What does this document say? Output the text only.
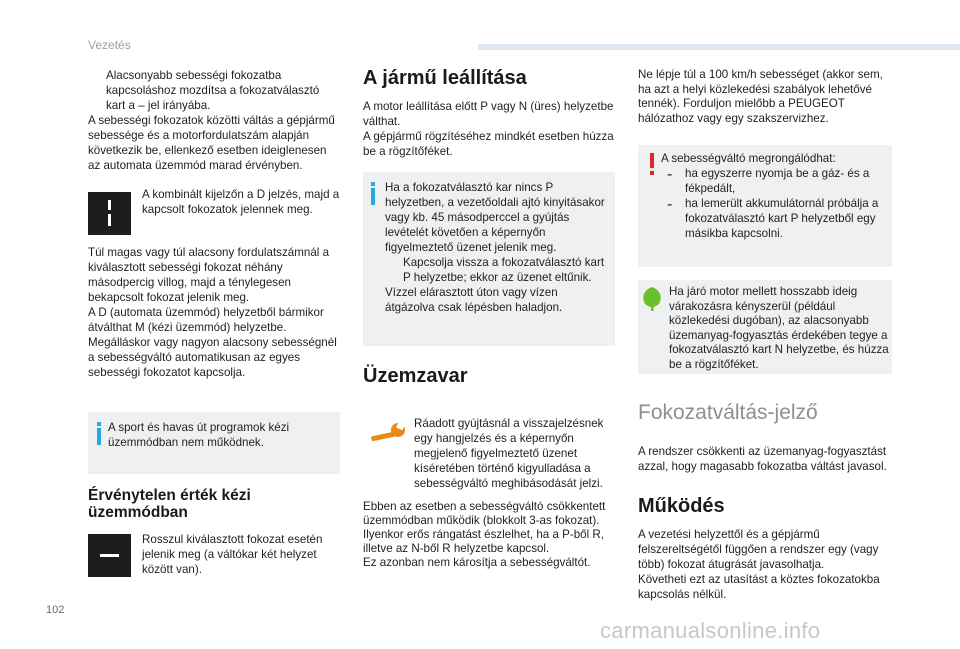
Vezetés
102
carmanualsonline.info

Alacsonyabb sebességi fokozatba kapcsoláshoz mozdítsa a fokozatválasztó kart a – jel irányába.

A sebességi fokozatok közötti váltás a gépjármű sebessége és a motorfordulatszám alapján következik be, ellenkező esetben ideiglenesen az automata üzemmód marad érvényben.

A kombinált kijelzőn a D jelzés, majd a kapcsolt fokozatok jelennek meg.

Túl magas vagy túl alacsony fordulatszámnál a kiválasztott sebességi fokozat néhány másodpercig villog, majd a ténylegesen bekapcsolt fokozat jelenik meg.

A D (automata üzemmód) helyzetből bármikor átválthat M (kézi üzemmód) helyzetbe.

Megálláskor vagy nagyon alacsony sebességnél a sebességváltó automatikusan az egyes sebességi fokozatot kapcsolja.

A sport és havas út programok kézi üzemmódban nem működnek.

Érvénytelen érték kézi üzemmódban

Rosszul kiválasztott fokozat esetén jelenik meg (a váltókar két helyzet között van).

A jármű leállítása

A motor leállítása előtt P vagy N (üres) helyzetbe válthat.

A gépjármű rögzítéséhez mindkét esetben húzza be a rögzítőféket.

Ha a fokozatválasztó kar nincs P helyzetben, a vezetőoldali ajtó kinyitásakor vagy kb. 45 másodperccel a gyújtás levételét követően a képernyőn figyelmeztető üzenet jelenik meg.

Kapcsolja vissza a fokozatválasztó kart P helyzetbe; ekkor az üzenet eltűnik.

Vízzel elárasztott úton vagy vízen átgázolva csak lépésben haladjon.

Üzemzavar

Ráadott gyújtásnál a visszajelzésnek egy hangjelzés és a képernyőn megjelenő figyelmeztető üzenet kíséretében történő kigyulladása a sebességváltó meghibásodását jelzi.

Ebben az esetben a sebességváltó csökkentett üzemmódban működik (blokkolt 3-as fokozat). Ilyenkor erős rángatást észlelhet, ha a P-ből R, illetve az N-ből R helyzetbe kapcsol.

Ez azonban nem károsítja a sebességváltót.

Ne lépje túl a 100 km/h sebességet (akkor sem, ha azt a helyi közlekedési szabályok lehetővé tennék). Forduljon mielőbb a PEUGEOT hálózathoz vagy egy szakszervizhez.

A sebességváltó megrongálódhat:

-	ha egyszerre nyomja be a gáz- és a fékpedált,

-	ha lemerült akkumulátornál próbálja a fokozatválasztó kart P helyzetből egy másikba kapcsolni.

Ha járó motor mellett hosszabb ideig várakozásra kényszerül (például közlekedési dugóban), az alacsonyabb üzemanyag-fogyasztás érdekében tegye a fokozatválasztó kart N helyzetbe, és húzza be a rögzítőféket.

Fokozatváltás-jelző

A rendszer csökkenti az üzemanyag-fogyasztást azzal, hogy magasabb fokozatba váltást javasol.

Működés

A vezetési helyzettől és a gépjármű felszereltségétől függően a rendszer egy (vagy több) fokozat átugrását javasolhatja.

Követheti ezt az utasítást a köztes fokozatokba kapcsolás nélkül.
